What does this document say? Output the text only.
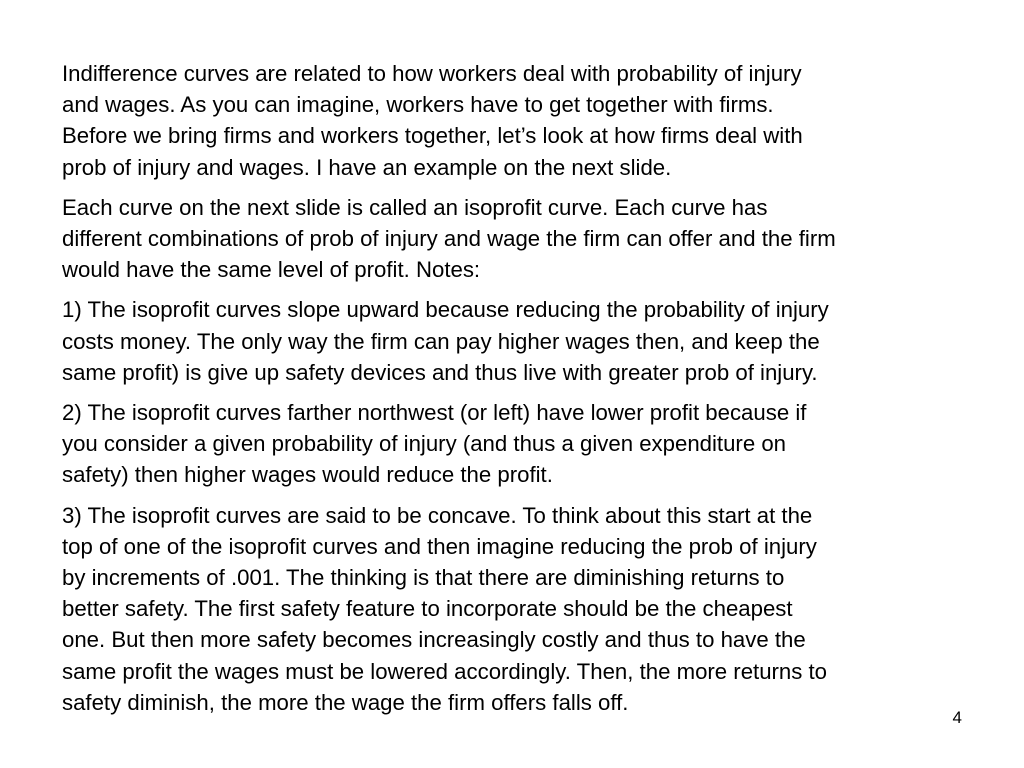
Indifference curves are related to how workers deal with probability of injury
and wages. As you can imagine, workers have to get together with firms.
Before we bring firms and workers together, let’s look at how firms deal with
prob of injury and wages. I have an example on the next slide.

Each curve on the next slide is called an isoprofit curve. Each curve has
different combinations of prob of injury and wage the firm can offer and the firm
would have the same level of profit. Notes:

1) The isoprofit curves slope upward because reducing the probability of injury
costs money. The only way the firm can pay higher wages then, and keep the
same profit) is give up safety devices and thus live with greater prob of injury.

2) The isoprofit curves farther northwest (or left) have lower profit because if
you consider a given probability of injury (and thus a given expenditure on
safety) then higher wages would reduce the profit.

3) The isoprofit curves are said to be concave. To think about this start at the
top of one of the isoprofit curves and then imagine reducing the prob of injury
by increments of .001. The thinking is that there are diminishing returns to
better safety. The first safety feature to incorporate should be the cheapest
one. But then more safety becomes increasingly costly and thus to have the
same profit the wages must be lowered accordingly. Then, the more returns to
safety diminish, the more the wage the firm offers falls off.

4
